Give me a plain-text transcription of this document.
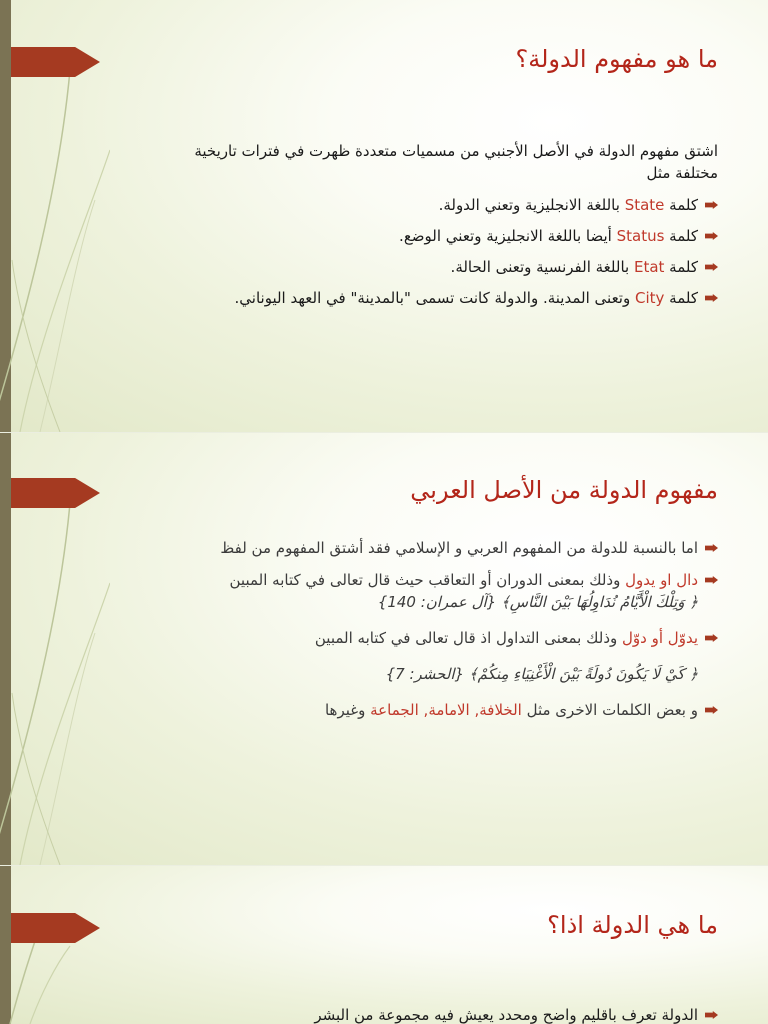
ما هو مفهوم الدولة؟

اشتق مفهوم الدولة في الأصل الأجنبي من مسميات متعددة ظهرت في فترات تاريخية مختلفة مثل

كلمة State باللغة الانجليزية وتعني الدولة.
كلمة Status أيضا باللغة الانجليزية وتعني الوضع.
كلمة Etat باللغة الفرنسية وتعنى الحالة.
كلمة City وتعنى المدينة. والدولة كانت تسمى "بالمدينة" في العهد اليوناني.
مفهوم الدولة من الأصل العربي
اما بالنسبة للدولة من المفهوم العربي و الإسلامي فقد أشتق المفهوم من لفظ
دال او يدول وذلك بمعنى الدوران أو التعاقب حيث قال تعالى في كتابه المبين
﴿ وَتِلْكَ الْأَيَّامُ نُدَاوِلُهَا بَيْنَ النَّاسِ﴾ {آل عمران: 140}
يدوّل أو دوّل وذلك بمعنى التداول اذ قال تعالى في كتابه المبين
﴿ كَيْ لَا يَكُونَ دُولَةً بَيْنَ الْأَغْنِيَاءِ مِنكُمْ﴾ {الحشر: 7}
و بعض الكلمات الاخرى مثل الخلافة, الامامة, الجماعة وغيرها
ما هي الدولة اذا؟
الدولة تعرف باقليم واضح ومحدد يعيش فيه مجموعة من البشر
